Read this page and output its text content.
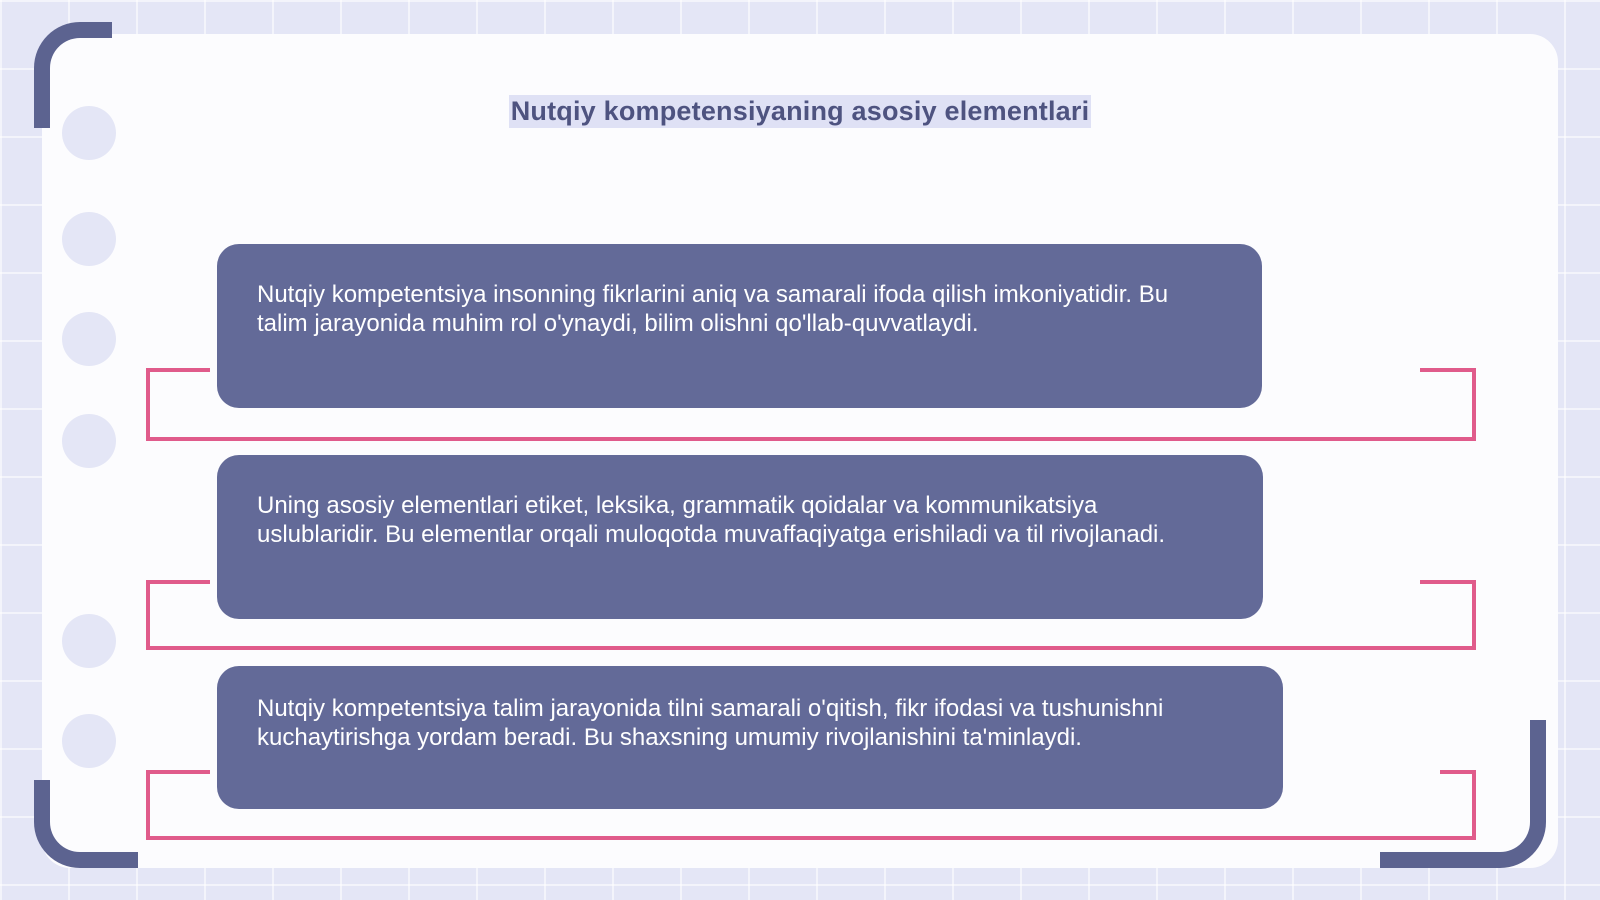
Nutqiy kompetensiyaning asosiy elementlari
Nutqiy kompetentsiya insonning fikrlarini aniq va samarali ifoda qilish imkoniyatidir. Bu talim jarayonida muhim rol o'ynaydi, bilim olishni qo'llab-quvvatlaydi.
Uning asosiy elementlari etiket, leksika, grammatik qoidalar va kommunikatsiya uslublaridir. Bu elementlar orqali muloqotda muvaffaqiyatga erishiladi va til rivojlanadi.
Nutqiy kompetentsiya talim jarayonida tilni samarali o'qitish, fikr ifodasi va tushunishni kuchaytirishga yordam beradi. Bu shaxsning umumiy rivojlanishini ta'minlaydi.
